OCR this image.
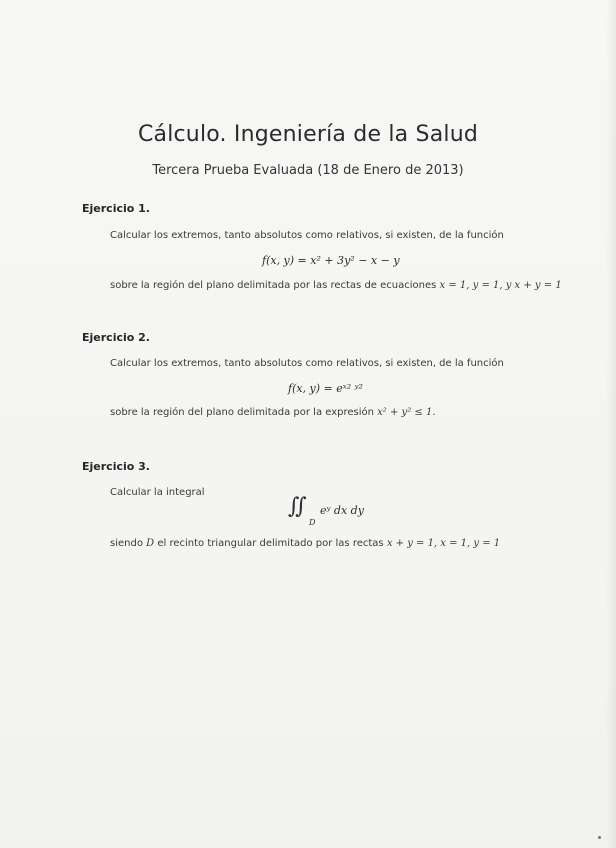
Cálculo. Ingeniería de la Salud
Tercera Prueba Evaluada (18 de Enero de 2013)
Ejercicio 1.
Calcular los extremos, tanto absolutos como relativos, si existen, de la función
f(x, y) = x² + 3y² − x − y
sobre la región del plano delimitada por las rectas de ecuaciones x = 1, y = 1, y x + y = 1
Ejercicio 2.
Calcular los extremos, tanto absolutos como relativos, si existen, de la función
f(x, y) = eˣ² ʸ²
sobre la región del plano delimitada por la expresión x² + y² ≤ 1.
Ejercicio 3.
Calcular la integral
∬
D
eʸ dx dy
siendo D el recinto triangular delimitado por las rectas x + y = 1, x = 1, y = 1
